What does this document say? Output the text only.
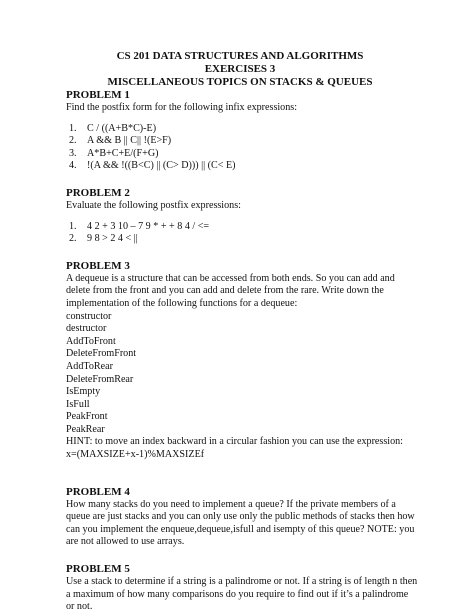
CS 201 DATA STRUCTURES AND ALGORITHMS
EXERCISES 3
MISCELLANEOUS TOPICS ON STACKS & QUEUES
PROBLEM 1
Find the postfix form for the following infix expressions:
1.	C / ((A+B*C)-E)
2.	A && B || C|| !(E>F)
3.	A*B+C+E/(F+G)
4.	!(A && !((B<C) || (C> D))) || (C< E)
PROBLEM 2
Evaluate the following postfix expressions:
1.	4 2 + 3 10 – 7 9 * + + 8 4 / <=
2.	9 8 > 2 4 < ||
PROBLEM 3
A dequeue is a structure that can be accessed from both ends. So you can add and delete from the front and you can add and delete from the rare. Write down the implementation of the following functions for a dequeue:
constructor
destructor
AddToFront
DeleteFromFront
AddToRear
DeleteFromRear
IsEmpty
IsFull
PeakFront
PeakRear
HINT: to move an index backward in a circular fashion you can use the expression:
x=(MAXSIZE+x-1)%MAXSIZEf
PROBLEM 4
How many stacks do you need to implement a queue? If the private members of a queue are just stacks and you can only use only the public methods of stacks then how can you implement the enqueue,dequeue,isfull and isempty of this queue? NOTE: you are not allowed to use arrays.
PROBLEM 5
Use a stack to determine if a string is a palindrome or not. If a string is of length n then a maximum of how many comparisons do you require to find out if it’s a palindrome or not.
